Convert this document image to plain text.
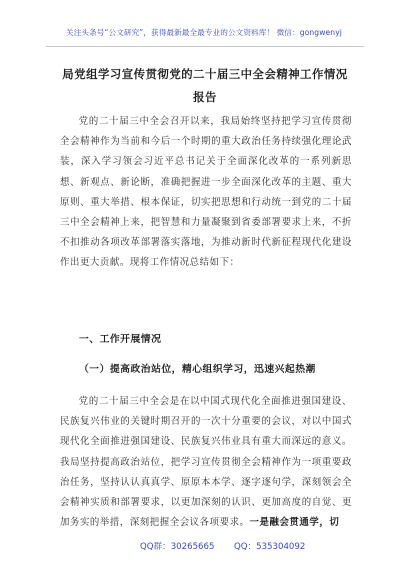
关注头条号“公文研究”，获得最新最全最专业的公文资料库！ 微信：gongwenyj
局党组学习宣传贯彻党的二十届三中全会精神工作情况报告
党的二十届三中全会召开以来，我局始终坚持把学习宣传贯彻全会精神作为当前和今后一个时期的重大政治任务持续强化理论武装，深入学习领会习近平总书记关于全面深化改革的一系列新思想、新观点、新论断，准确把握进一步全面深化改革的主题、重大原则、重大举措、根本保证，切实把思想和行动统一到党的二十届三中全会精神上来，把智慧和力量凝聚到省委部署要求上来，不折不扣推动各项改革部署落实落地，为推动新时代新征程现代化建设作出更大贡献。现将工作情况总结如下：
一、工作开展情况
（一）提高政治站位，精心组织学习，迅速兴起热潮
党的二十届三中全会是在以中国式现代化全面推进强国建设、民族复兴伟业的关键时期召开的一次十分重要的会议，对以中国式现代化全面推进强国建设、民族复兴伟业具有重大而深远的意义。我局坚持提高政治站位，把学习宣传贯彻全会精神作为一项重要政治任务，坚持认认真真学、原原本本学、逐字逐句学，深刻领会全会精神实质和部署要求，以更加深刻的认识、更加高度的自觉、更加务实的举措，深刻把握全会议各项要求。一是融会贯通学，切
QQ群：30265665 QQ：535304092
